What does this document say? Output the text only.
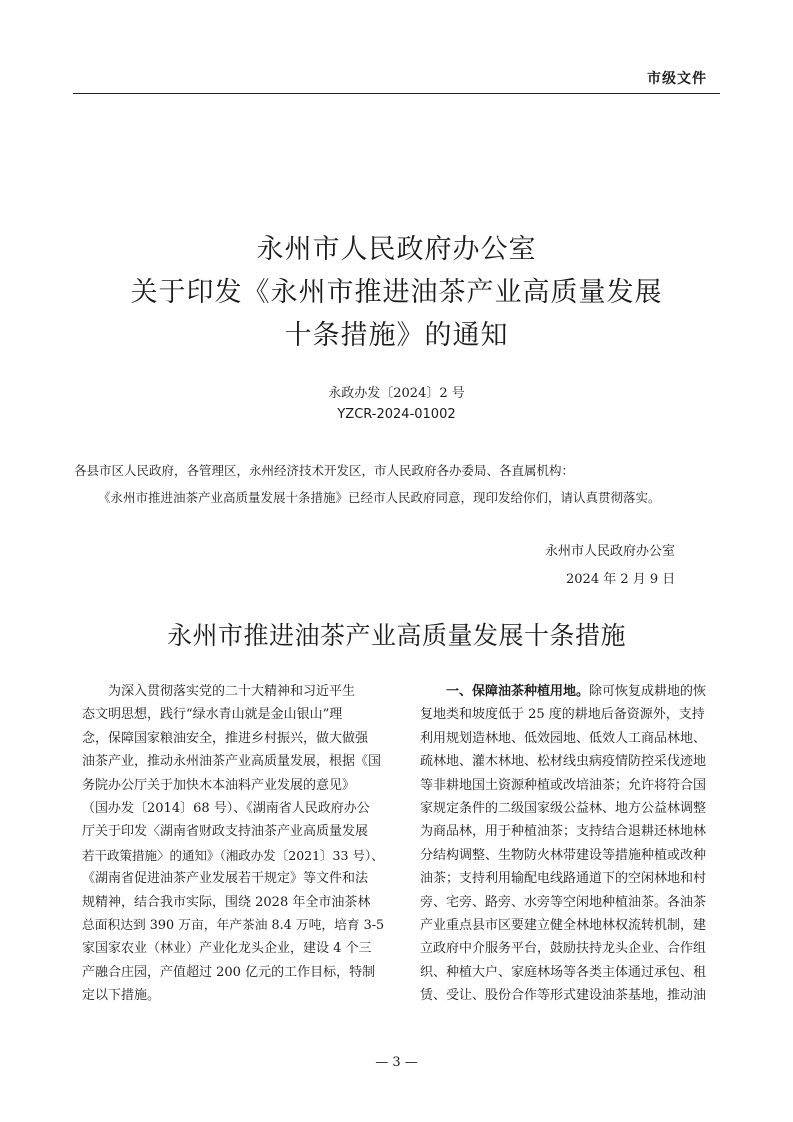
市级文件
永州市人民政府办公室
关于印发《永州市推进油茶产业高质量发展
十条措施》的通知
永政办发〔2024〕2 号
YZCR-2024-01002
各县市区人民政府，各管理区，永州经济技术开发区，市人民政府各办委局、各直属机构：
《永州市推进油茶产业高质量发展十条措施》已经市人民政府同意，现印发给你们，请认真贯彻落实。
永州市人民政府办公室
2024 年 2 月 9 日
永州市推进油茶产业高质量发展十条措施
　　为深入贯彻落实党的二十大精神和习近平生
态文明思想，践行“绿水青山就是金山银山”理
念，保障国家粮油安全，推进乡村振兴，做大做强
油茶产业，推动永州油茶产业高质量发展，根据《国
务院办公厅关于加快木本油料产业发展的意见》
（国办发〔2014〕68 号）、《湖南省人民政府办公
厅关于印发〈湖南省财政支持油茶产业高质量发展
若干政策措施〉的通知》（湘政办发〔2021〕33 号）、
《湖南省促进油茶产业发展若干规定》等文件和法
规精神，结合我市实际，围绕 2028 年全市油茶林
总面积达到 390 万亩，年产茶油 8.4 万吨，培育 3-5
家国家农业（林业）产业化龙头企业，建设 4 个三
产融合庄园，产值超过 200 亿元的工作目标，特制
定以下措施。
　　一、保障油茶种植用地。除可恢复成耕地的恢
复地类和坡度低于 25 度的耕地后备资源外，支持
利用规划造林地、低效园地、低效人工商品林地、
疏林地、灌木林地、松材线虫病疫情防控采伐迹地
等非耕地国土资源种植或改培油茶；允许将符合国
家规定条件的二级国家级公益林、地方公益林调整
为商品林，用于种植油茶；支持结合退耕还林地林
分结构调整、生物防火林带建设等措施种植或改种
油茶；支持利用输配电线路通道下的空闲林地和村
旁、宅旁、路旁、水旁等空闲地种植油茶。各油茶
产业重点县市区要建立健全林地林权流转机制，建
立政府中介服务平台，鼓励扶持龙头企业、合作组
织、种植大户、家庭林场等各类主体通过承包、租
赁、受让、股份合作等形式建设油茶基地，推动油
— 3 —
